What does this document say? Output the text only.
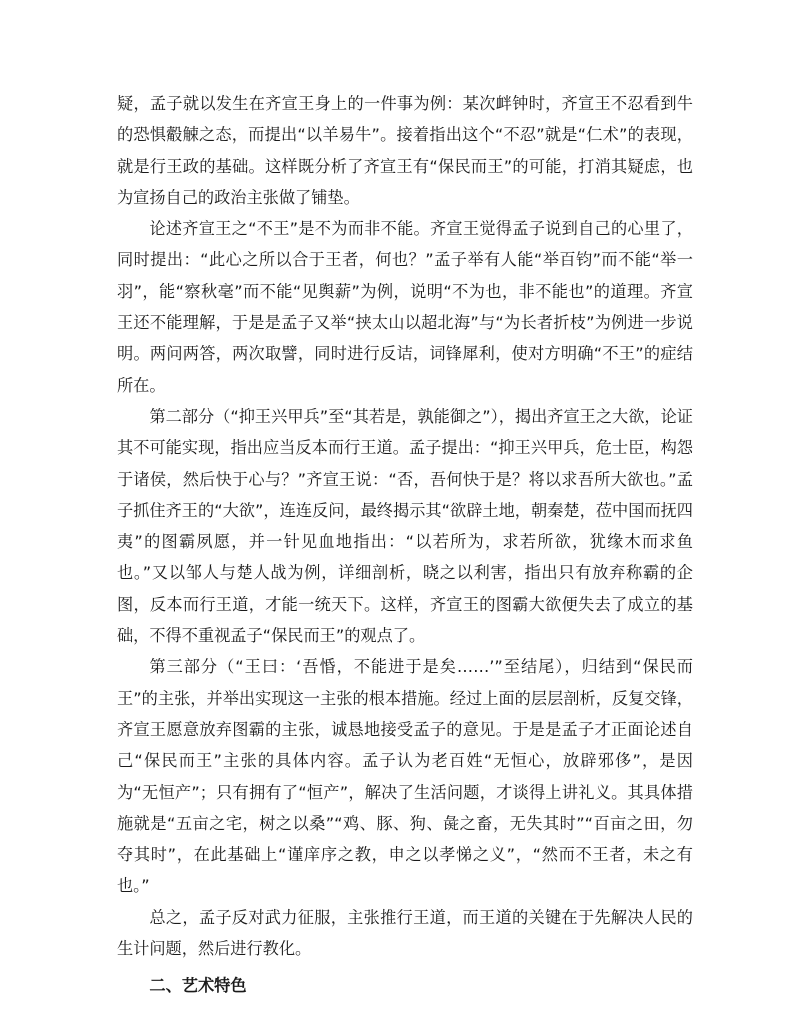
疑，孟子就以发生在齐宣王身上的一件事为例：某次衅钟时，齐宣王不忍看到牛的恐惧觳觫之态，而提出“以羊易牛”。接着指出这个“不忍”就是“仁术”的表现，就是行王政的基础。这样既分析了齐宣王有“保民而王”的可能，打消其疑虑，也为宣扬自己的政治主张做了铺垫。

论述齐宣王之“不王”是不为而非不能。齐宣王觉得孟子说到自己的心里了，同时提出：“此心之所以合于王者，何也？”孟子举有人能“举百钧”而不能“举一羽”，能“察秋毫”而不能“见舆薪”为例，说明“不为也，非不能也”的道理。齐宣王还不能理解，于是是孟子又举“挟太山以超北海”与“为长者折枝”为例进一步说明。两问两答，两次取譬，同时进行反诘，词锋犀利，使对方明确“不王”的症结所在。

第二部分（“抑王兴甲兵”至“其若是，孰能御之”），揭出齐宣王之大欲，论证其不可能实现，指出应当反本而行王道。孟子提出：“抑王兴甲兵，危士臣，构怨于诸侯，然后快于心与？”齐宣王说：“否，吾何快于是？将以求吾所大欲也。”孟子抓住齐王的“大欲”，连连反问，最终揭示其“欲辟土地，朝秦楚，莅中国而抚四夷”的图霸夙愿，并一针见血地指出：“以若所为，求若所欲，犹缘木而求鱼也。”又以邹人与楚人战为例，详细剖析，晓之以利害，指出只有放弃称霸的企图，反本而行王道，才能一统天下。这样，齐宣王的图霸大欲便失去了成立的基础，不得不重视孟子“保民而王”的观点了。

第三部分（“王曰：‘吾惛，不能进于是矣……’”至结尾），归结到“保民而王”的主张，并举出实现这一主张的根本措施。经过上面的层层剖析，反复交锋，齐宣王愿意放弃图霸的主张，诚恳地接受孟子的意见。于是是孟子才正面论述自己“保民而王”主张的具体内容。孟子认为老百姓“无恒心，放辟邪侈”，是因为“无恒产”；只有拥有了“恒产”，解决了生活问题，才谈得上讲礼义。其具体措施就是“五亩之宅，树之以桑”“鸡、豚、狗、彘之畜，无失其时”“百亩之田，勿夺其时”，在此基础上“谨庠序之教，申之以孝悌之义”，“然而不王者，未之有也。”

总之，孟子反对武力征服，主张推行王道，而王道的关键在于先解决人民的生计问题，然后进行教化。

二、艺术特色
